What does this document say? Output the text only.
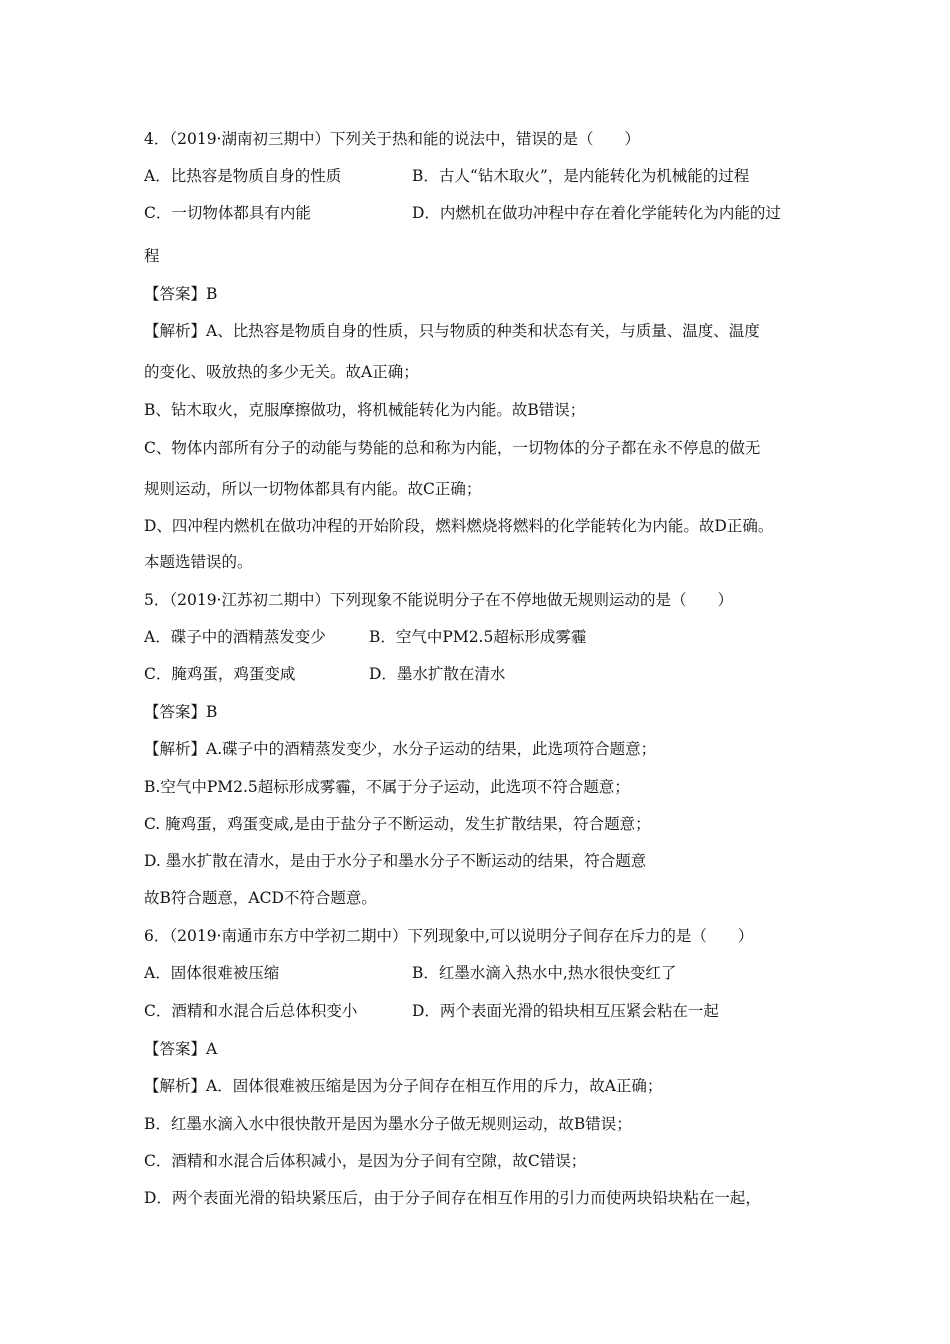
4．（2019·湖南初三期中）下列关于热和能的说法中，错误的是（　　）
A．比热容是物质自身的性质	B．古人“钻木取火”，是内能转化为机械能的过程
C．一切物体都具有内能	D．内燃机在做功冲程中存在着化学能转化为内能的过
程
【答案】B
【解析】A、比热容是物质自身的性质，只与物质的种类和状态有关，与质量、温度、温度
的变化、吸放热的多少无关。故A正确；
B、钻木取火，克服摩擦做功，将机械能转化为内能。故B错误；
C、物体内部所有分子的动能与势能的总和称为内能，一切物体的分子都在永不停息的做无
规则运动，所以一切物体都具有内能。故C正确；
D、四冲程内燃机在做功冲程的开始阶段，燃料燃烧将燃料的化学能转化为内能。故D正确。
本题选错误的。
5．（2019·江苏初二期中）下列现象不能说明分子在不停地做无规则运动的是（　　）
A．碟子中的酒精蒸发变少	B．空气中PM2.5超标形成雾霾
C．腌鸡蛋，鸡蛋变咸	D．墨水扩散在清水
【答案】B
【解析】A.碟子中的酒精蒸发变少，水分子运动的结果，此选项符合题意；
B.空气中PM2.5超标形成雾霾，不属于分子运动，此选项不符合题意；
C. 腌鸡蛋，鸡蛋变咸,是由于盐分子不断运动，发生扩散结果，符合题意；
D. 墨水扩散在清水，是由于水分子和墨水分子不断运动的结果，符合题意
故B符合题意，ACD不符合题意。
6．（2019·南通市东方中学初二期中）下列现象中,可以说明分子间存在斥力的是（　　）
A．固体很难被压缩	B．红墨水滴入热水中,热水很快变红了
C．酒精和水混合后总体积变小	D．两个表面光滑的铅块相互压紧会粘在一起
【答案】A
【解析】A．固体很难被压缩是因为分子间存在相互作用的斥力，故A正确；
B．红墨水滴入水中很快散开是因为墨水分子做无规则运动，故B错误；
C．酒精和水混合后体积减小，是因为分子间有空隙，故C错误；
D．两个表面光滑的铅块紧压后，由于分子间存在相互作用的引力而使两块铅块粘在一起，
